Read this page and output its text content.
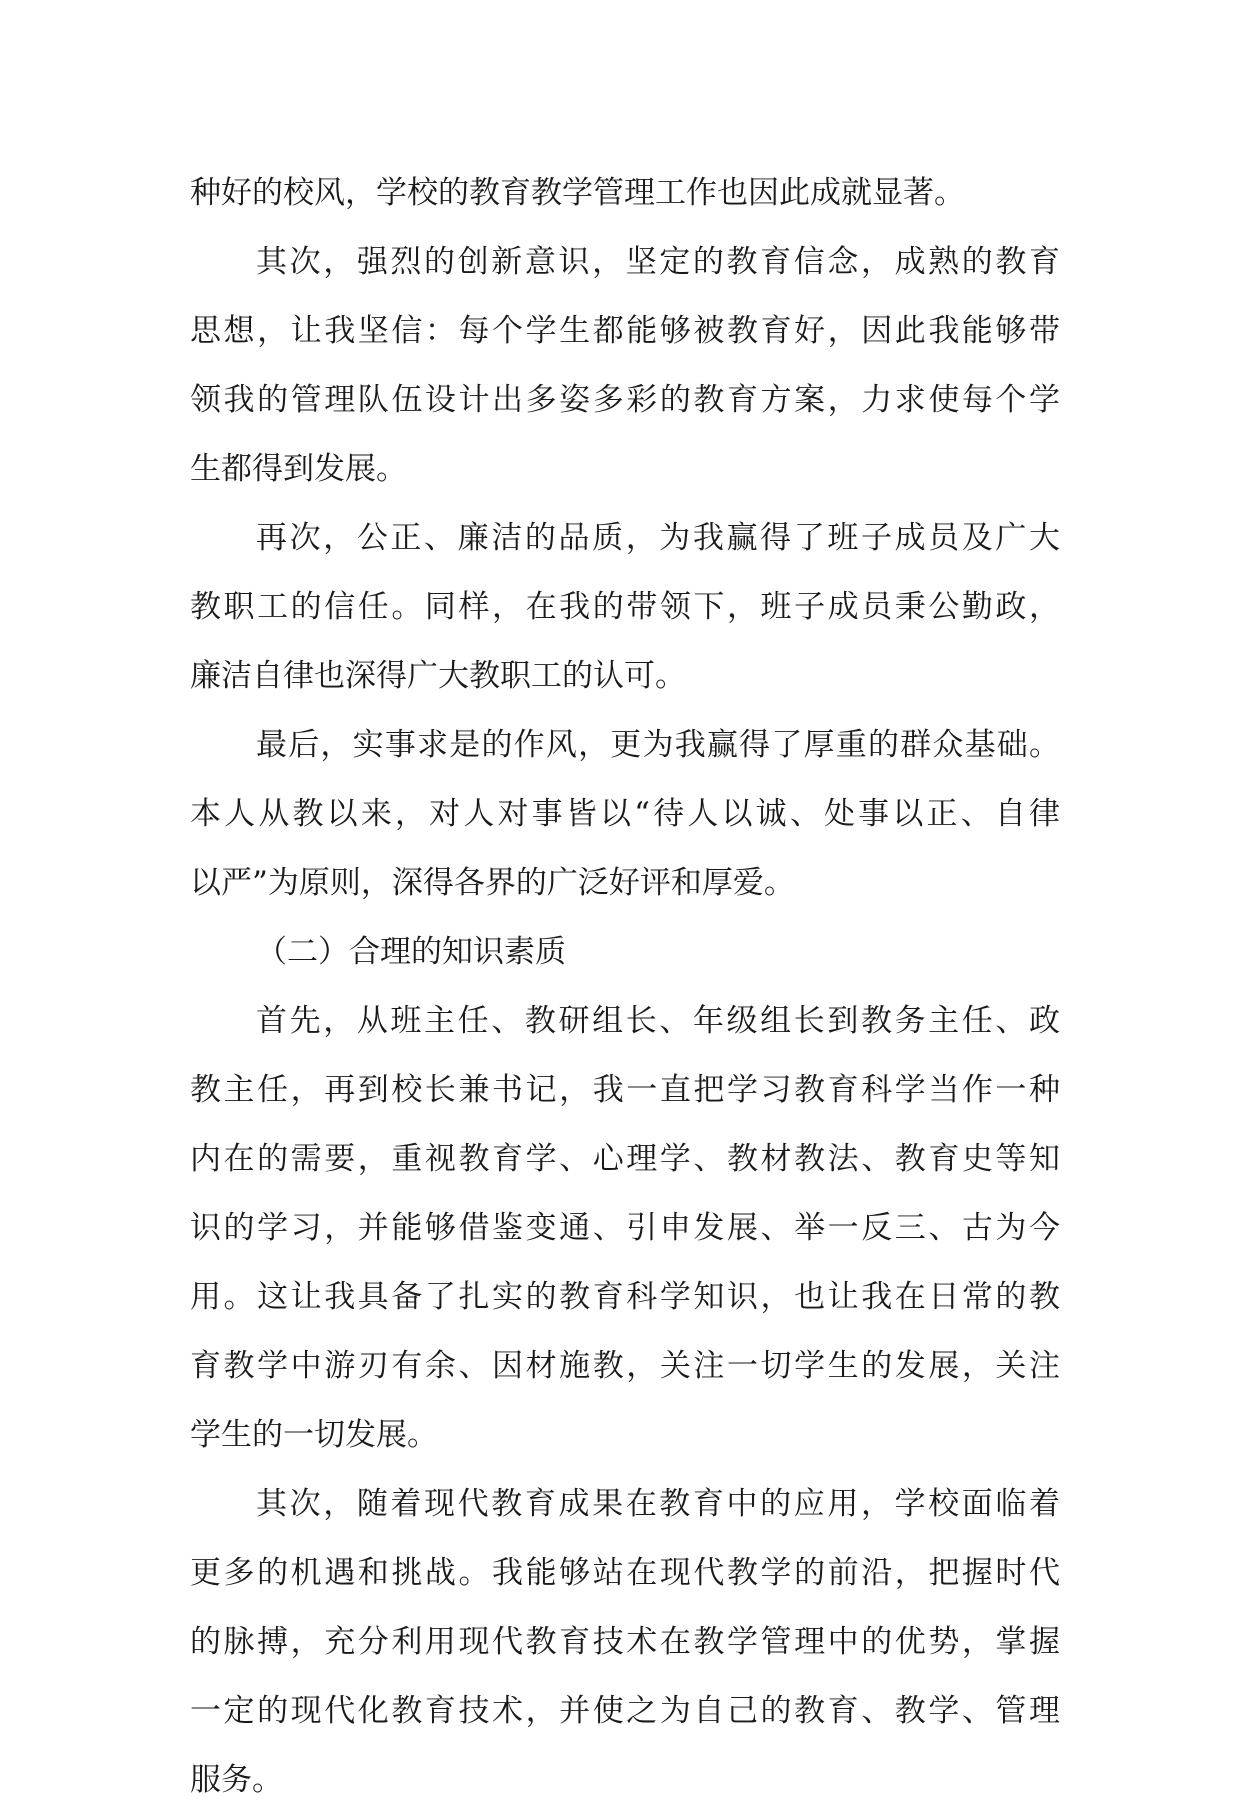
种好的校风，学校的教育教学管理工作也因此成就显著。
其次，强烈的创新意识，坚定的教育信念，成熟的教育
思想，让我坚信：每个学生都能够被教育好，因此我能够带
领我的管理队伍设计出多姿多彩的教育方案，力求使每个学
生都得到发展。
再次，公正、廉洁的品质，为我赢得了班子成员及广大
教职工的信任。同样，在我的带领下，班子成员秉公勤政，
廉洁自律也深得广大教职工的认可。
最后，实事求是的作风，更为我赢得了厚重的群众基础。
本人从教以来，对人对事皆以“待人以诚、处事以正、自律
以严”为原则，深得各界的广泛好评和厚爱。
（二）合理的知识素质
首先，从班主任、教研组长、年级组长到教务主任、政
教主任，再到校长兼书记，我一直把学习教育科学当作一种
内在的需要，重视教育学、心理学、教材教法、教育史等知
识的学习，并能够借鉴变通、引申发展、举一反三、古为今
用。这让我具备了扎实的教育科学知识，也让我在日常的教
育教学中游刃有余、因材施教，关注一切学生的发展，关注
学生的一切发展。
其次，随着现代教育成果在教育中的应用，学校面临着
更多的机遇和挑战。我能够站在现代教学的前沿，把握时代
的脉搏，充分利用现代教育技术在教学管理中的优势，掌握
一定的现代化教育技术，并使之为自己的教育、教学、管理
服务。
